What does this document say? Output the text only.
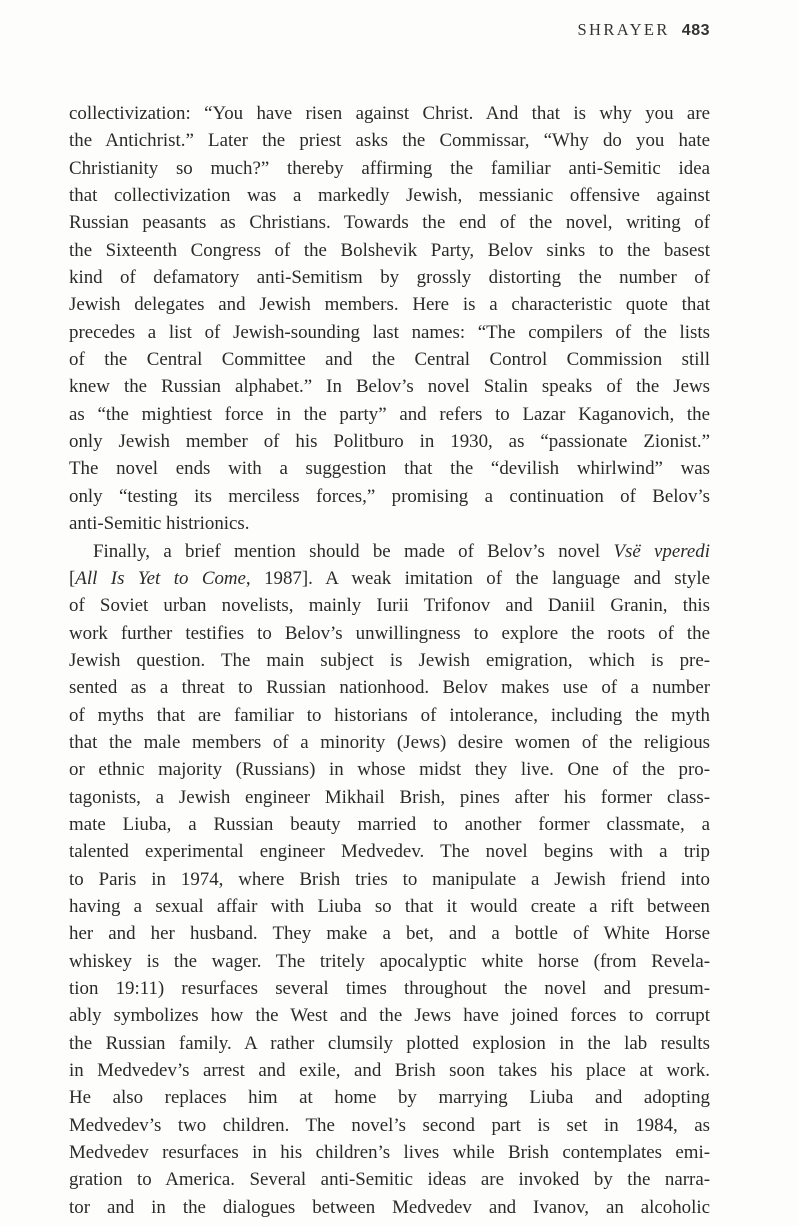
SHRAYER 483
collectivization: “You have risen against Christ. And that is why you are
the Antichrist.” Later the priest asks the Commissar, “Why do you hate
Christianity so much?” thereby affirming the familiar anti-Semitic idea
that collectivization was a markedly Jewish, messianic offensive against
Russian peasants as Christians. Towards the end of the novel, writing of
the Sixteenth Congress of the Bolshevik Party, Belov sinks to the basest
kind of defamatory anti-Semitism by grossly distorting the number of
Jewish delegates and Jewish members. Here is a characteristic quote that
precedes a list of Jewish-sounding last names: “The compilers of the lists
of the Central Committee and the Central Control Commission still
knew the Russian alphabet.” In Belov’s novel Stalin speaks of the Jews
as “the mightiest force in the party” and refers to Lazar Kaganovich, the
only Jewish member of his Politburo in 1930, as “passionate Zionist.”
The novel ends with a suggestion that the “devilish whirlwind” was
only “testing its merciless forces,” promising a continuation of Belov’s
anti-Semitic histrionics.
Finally, a brief mention should be made of Belov’s novel Vsë vperedi
[All Is Yet to Come, 1987]. A weak imitation of the language and style
of Soviet urban novelists, mainly Iurii Trifonov and Daniil Granin, this
work further testifies to Belov’s unwillingness to explore the roots of the
Jewish question. The main subject is Jewish emigration, which is pre-
sented as a threat to Russian nationhood. Belov makes use of a number
of myths that are familiar to historians of intolerance, including the myth
that the male members of a minority (Jews) desire women of the religious
or ethnic majority (Russians) in whose midst they live. One of the pro-
tagonists, a Jewish engineer Mikhail Brish, pines after his former class-
mate Liuba, a Russian beauty married to another former classmate, a
talented experimental engineer Medvedev. The novel begins with a trip
to Paris in 1974, where Brish tries to manipulate a Jewish friend into
having a sexual affair with Liuba so that it would create a rift between
her and her husband. They make a bet, and a bottle of White Horse
whiskey is the wager. The tritely apocalyptic white horse (from Revela-
tion 19:11) resurfaces several times throughout the novel and presum-
ably symbolizes how the West and the Jews have joined forces to corrupt
the Russian family. A rather clumsily plotted explosion in the lab results
in Medvedev’s arrest and exile, and Brish soon takes his place at work.
He also replaces him at home by marrying Liuba and adopting
Medvedev’s two children. The novel’s second part is set in 1984, as
Medvedev resurfaces in his children’s lives while Brish contemplates emi-
gration to America. Several anti-Semitic ideas are invoked by the narra-
tor and in the dialogues between Medvedev and Ivanov, an alcoholic
